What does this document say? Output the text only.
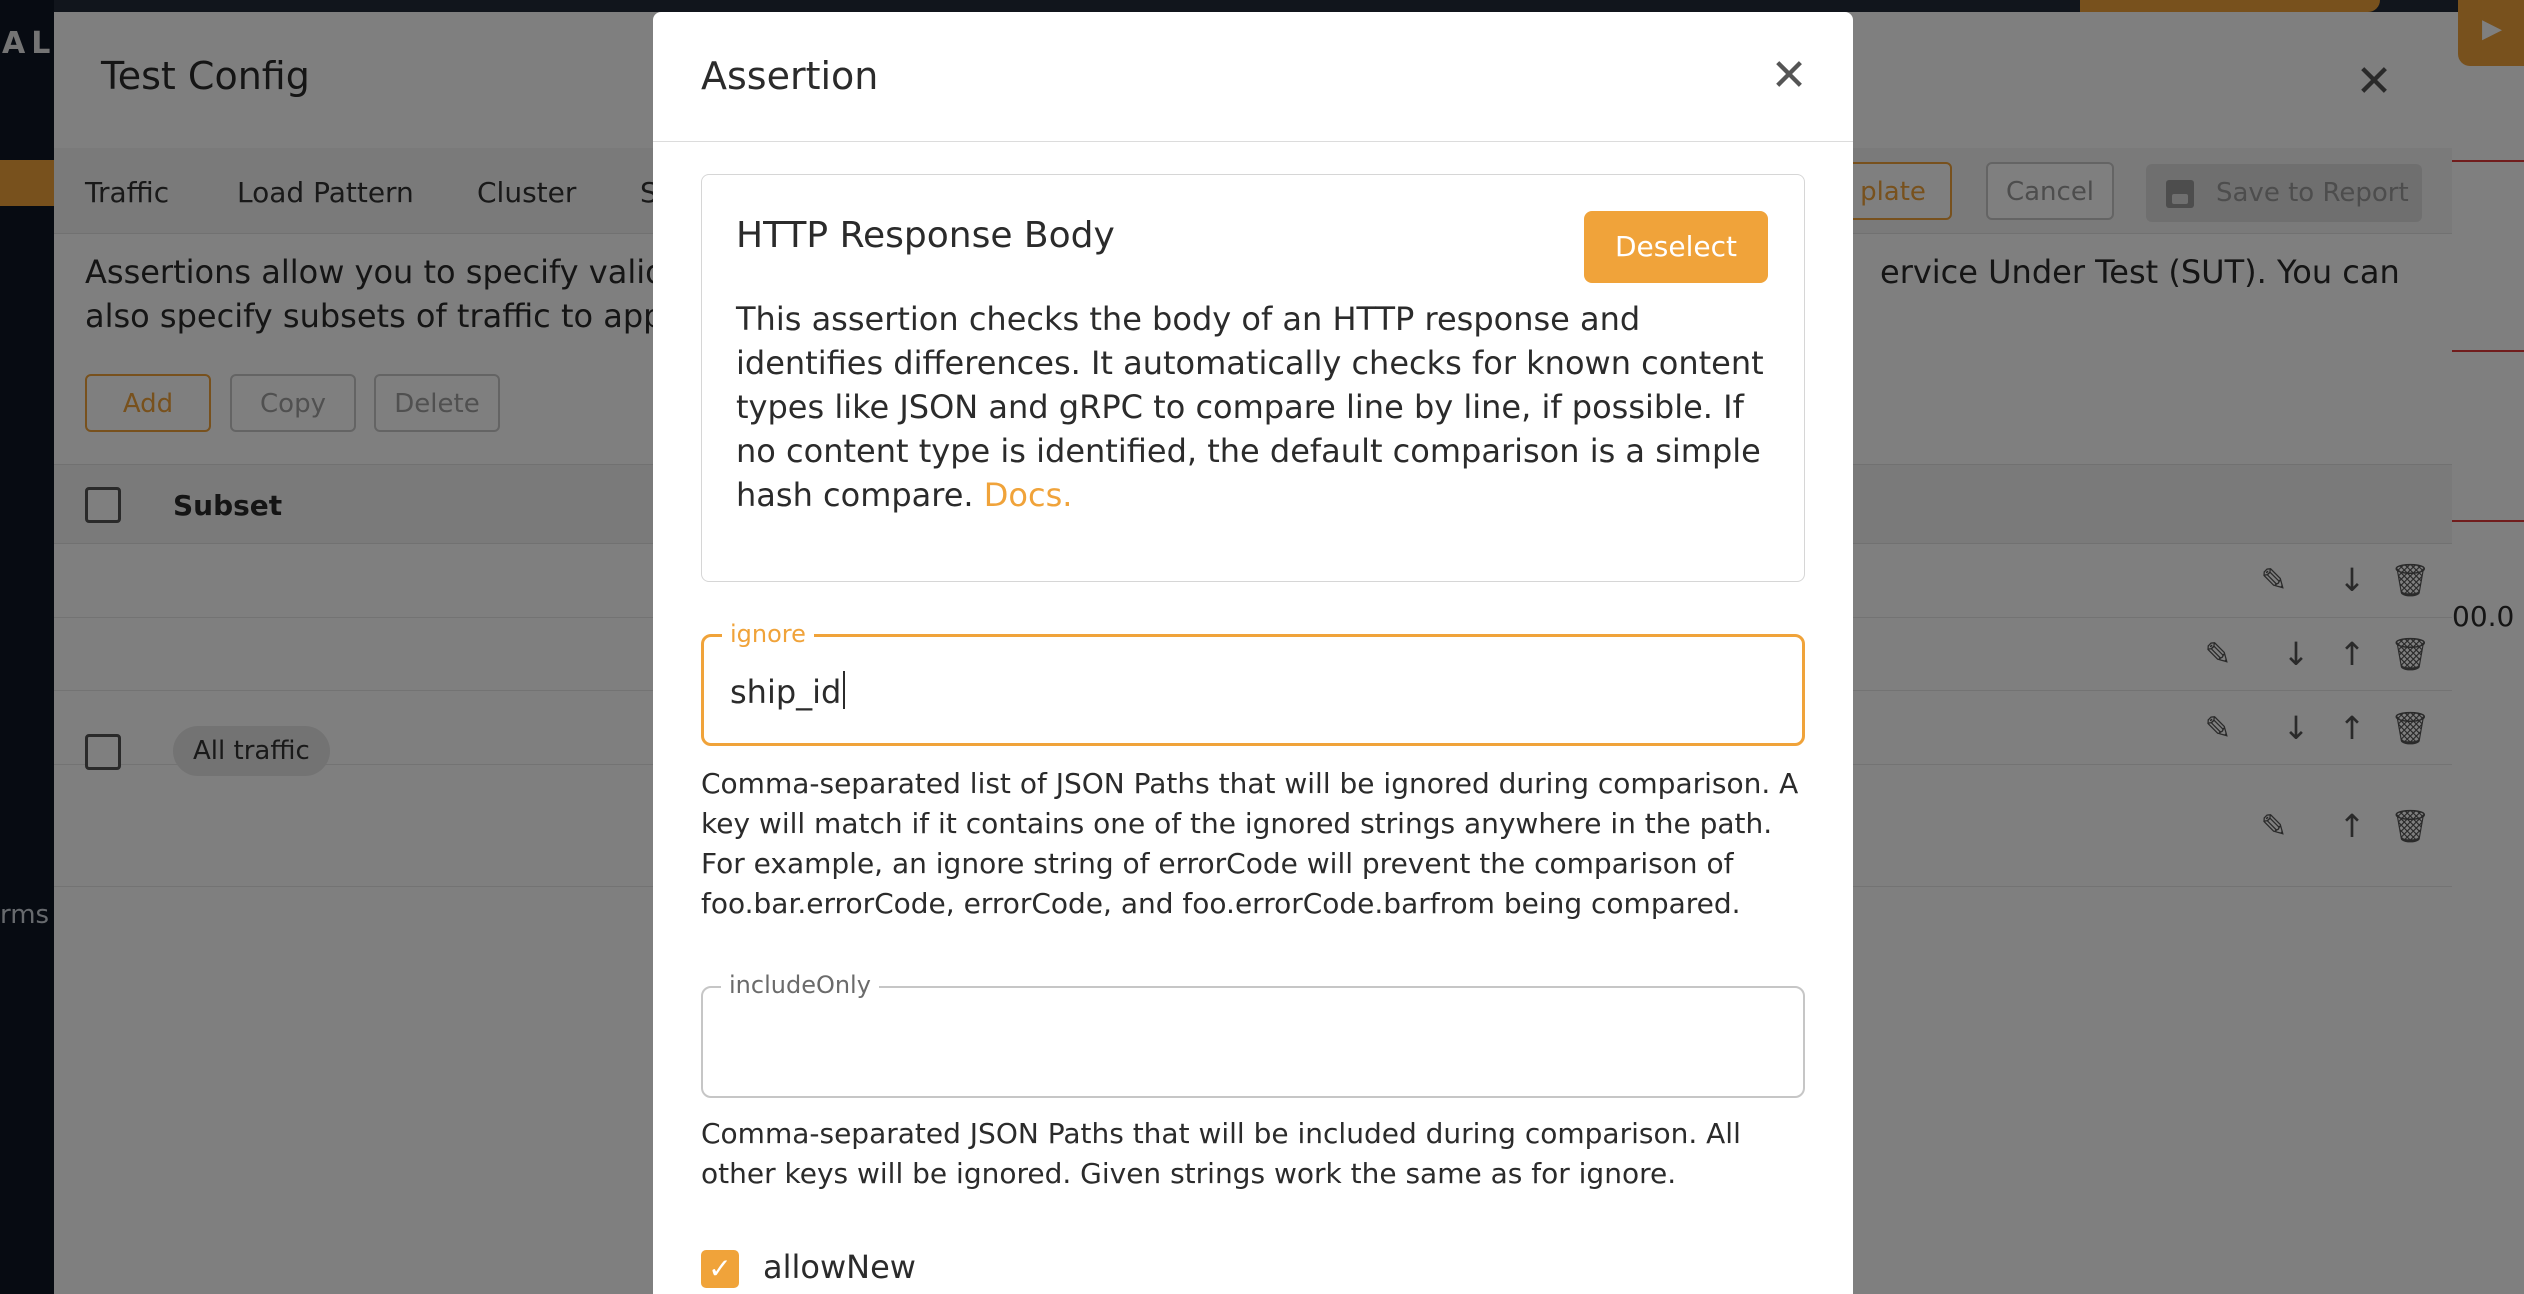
▶

Assertion	✕
HTTP Response Body	Deselect
This assertion checks the body of an HTTP response and identifies differences. It automatically checks for known content types like JSON and gRPC to compare line by line, if possible. If no content type is identified, the default comparison is a simple hash compare. Docs.
ignore
ship_id
Comma-separated list of JSON Paths that will be ignored during comparison. A key will match if it contains one of the ignored strings anywhere in the path. For example, an ignore string of errorCode will prevent the comparison of foo.bar.errorCode, errorCode, and foo.errorCode.barfrom being compared.
includeOnly
Comma-separated JSON Paths that will be included during comparison. All other keys will be ignored. Given strings work the same as for ignore.
✓ allowNew
